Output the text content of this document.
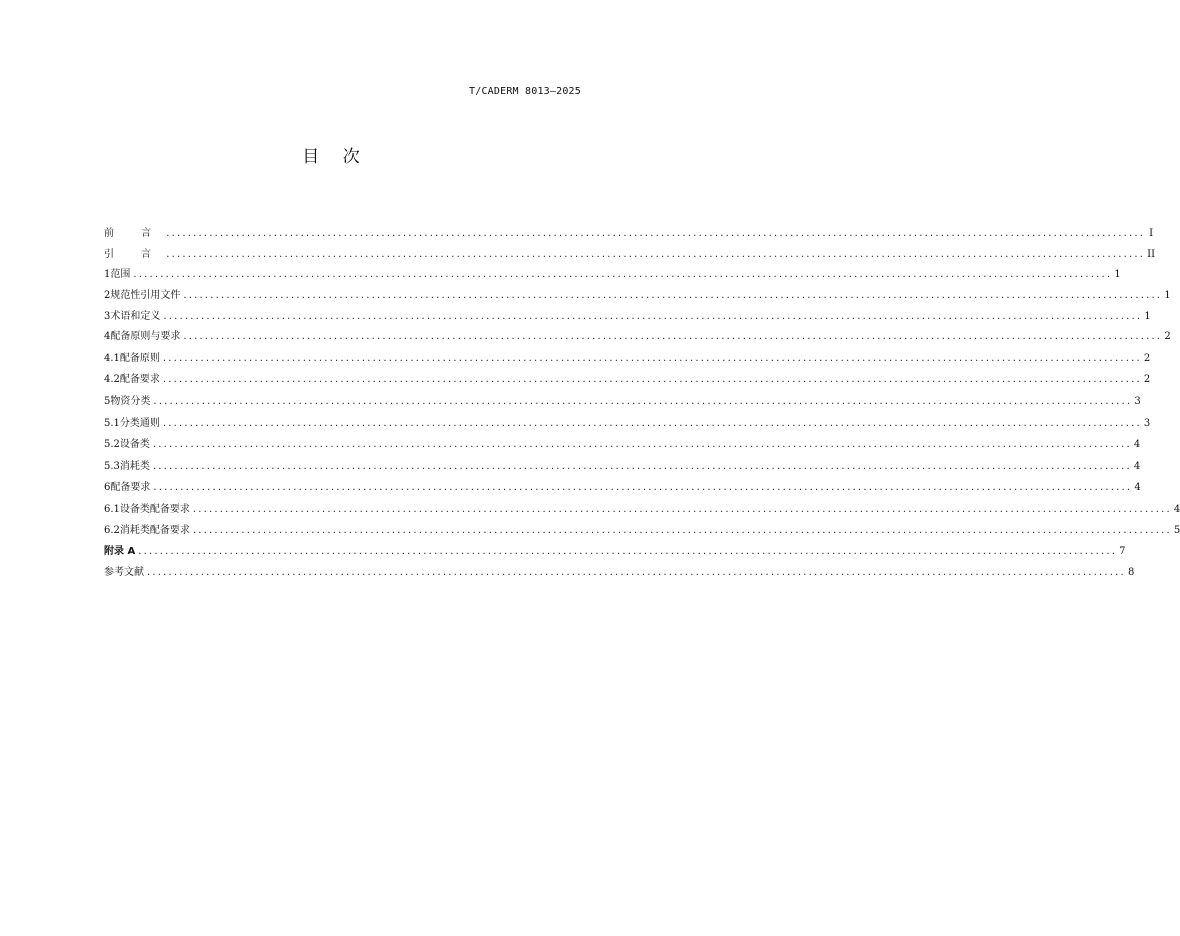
T/CADERM 8013—2025
目 次
前 言 .....	I
引 言 .....	II
1 范围 .....	1
2 规范性引用文件 .....	1
3 术语和定义 .....	1
4 配备原则与要求 .....	2
4.1 配备原则 .....	2
4.2 配备要求 .....	2
5 物资分类 .....	3
5.1 分类通则 .....	3
5.2 设备类 .....	4
5.3 消耗类 .....	4
6 配备要求 .....	4
6.1 设备类配备要求 .....	4
6.2 消耗类配备要求 .....	5
附录 A .....	7
参考文献 .....	8
